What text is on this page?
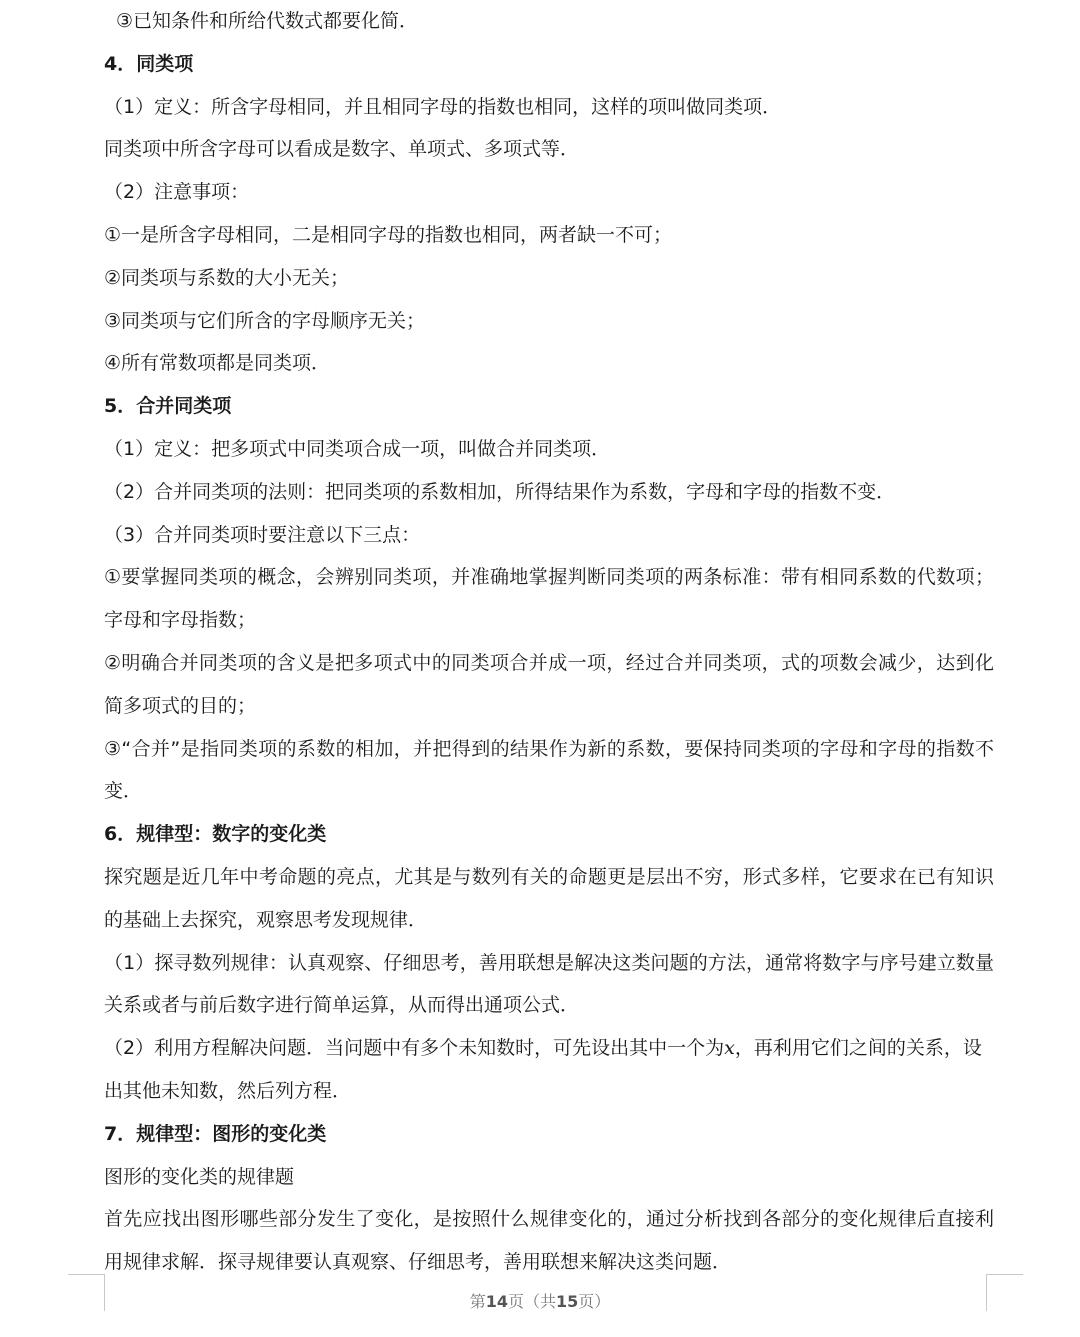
③已知条件和所给代数式都要化简．
4．同类项
（1）定义：所含字母相同，并且相同字母的指数也相同，这样的项叫做同类项．
同类项中所含字母可以看成是数字、单项式、多项式等．
（2）注意事项：
①一是所含字母相同，二是相同字母的指数也相同，两者缺一不可；
②同类项与系数的大小无关；
③同类项与它们所含的字母顺序无关；
④所有常数项都是同类项．
5．合并同类项
（1）定义：把多项式中同类项合成一项，叫做合并同类项．
（2）合并同类项的法则：把同类项的系数相加，所得结果作为系数，字母和字母的指数不变．
（3）合并同类项时要注意以下三点：
①要掌握同类项的概念，会辨别同类项，并准确地掌握判断同类项的两条标准：带有相同系数的代数项；
字母和字母指数；
②明确合并同类项的含义是把多项式中的同类项合并成一项，经过合并同类项，式的项数会减少，达到化
简多项式的目的；
③“合并”是指同类项的系数的相加，并把得到的结果作为新的系数，要保持同类项的字母和字母的指数不
变．
6．规律型：数字的变化类
探究题是近几年中考命题的亮点，尤其是与数列有关的命题更是层出不穷，形式多样，它要求在已有知识
的基础上去探究，观察思考发现规律．
（1）探寻数列规律：认真观察、仔细思考，善用联想是解决这类问题的方法，通常将数字与序号建立数量
关系或者与前后数字进行简单运算，从而得出通项公式．
（2）利用方程解决问题．当问题中有多个未知数时，可先设出其中一个为x，再利用它们之间的关系，设
出其他未知数，然后列方程．
7．规律型：图形的变化类
图形的变化类的规律题
首先应找出图形哪些部分发生了变化，是按照什么规律变化的，通过分析找到各部分的变化规律后直接利
用规律求解．探寻规律要认真观察、仔细思考，善用联想来解决这类问题．
第14页（共15页）
